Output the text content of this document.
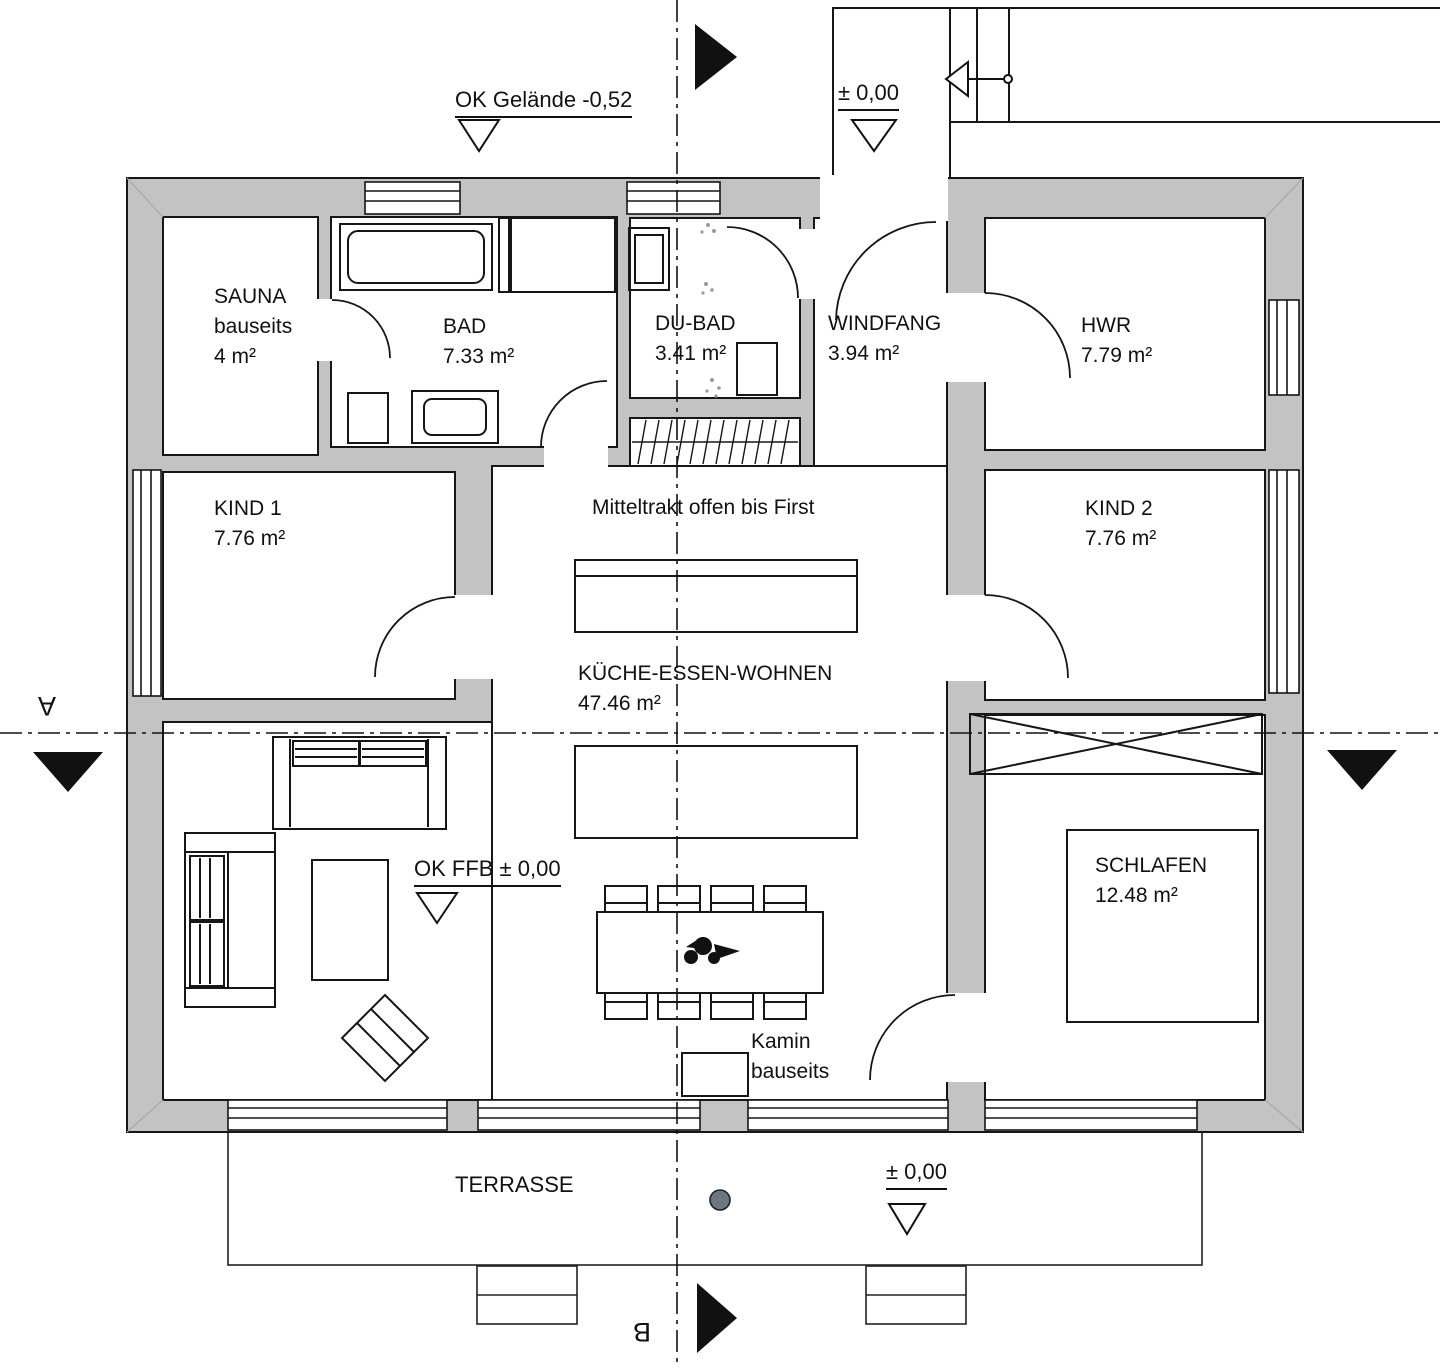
OK Gelände -0,52	± 0,00
SAUNA
bauseits
4 m²
BAD
7.33 m²
DU-BAD
3.41 m²
WINDFANG
3.94 m²
HWR
7.79 m²
KIND 1
7.76 m²
KIND 2
7.76 m²
Mitteltrakt offen bis First
KÜCHE-ESSEN-WOHNEN
47.46 m²
SCHLAFEN
12.48 m²
OK FFB ± 0,00
Kamin
bauseits
TERRASSE
± 0,00
A
B
